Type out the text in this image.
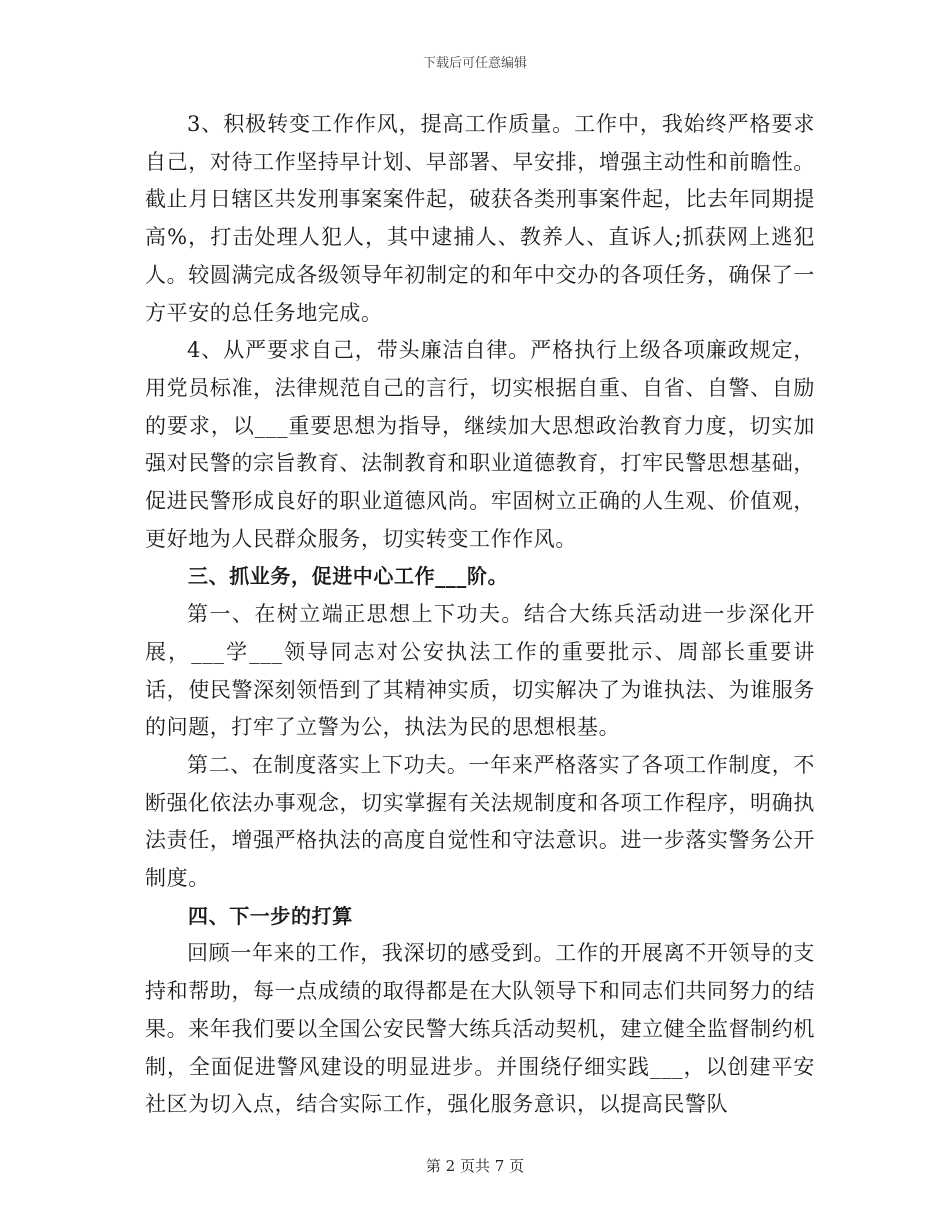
下载后可任意编辑

3、积极转变工作作风，提高工作质量。工作中，我始终严格要求自己，对待工作坚持早计划、早部署、早安排，增强主动性和前瞻性。截止月日辖区共发刑事案案件起，破获各类刑事案件起，比去年同期提高%，打击处理人犯人，其中逮捕人、教养人、直诉人;抓获网上逃犯人。较圆满完成各级领导年初制定的和年中交办的各项任务，确保了一方平安的总任务地完成。

4、从严要求自己，带头廉洁自律。严格执行上级各项廉政规定，用党员标准，法律规范自己的言行，切实根据自重、自省、自警、自励的要求，以___重要思想为指导，继续加大思想政治教育力度，切实加强对民警的宗旨教育、法制教育和职业道德教育，打牢民警思想基础，促进民警形成良好的职业道德风尚。牢固树立正确的人生观、价值观，更好地为人民群众服务，切实转变工作作风。

三、抓业务，促进中心工作___阶。

第一、在树立端正思想上下功夫。结合大练兵活动进一步深化开展，___学___领导同志对公安执法工作的重要批示、周部长重要讲话，使民警深刻领悟到了其精神实质，切实解决了为谁执法、为谁服务的问题，打牢了立警为公，执法为民的思想根基。

第二、在制度落实上下功夫。一年来严格落实了各项工作制度，不断强化依法办事观念，切实掌握有关法规制度和各项工作程序，明确执法责任，增强严格执法的高度自觉性和守法意识。进一步落实警务公开制度。

四、下一步的打算

回顾一年来的工作，我深切的感受到。工作的开展离不开领导的支持和帮助，每一点成绩的取得都是在大队领导下和同志们共同努力的结果。来年我们要以全国公安民警大练兵活动契机，建立健全监督制约机制，全面促进警风建设的明显进步。并围绕仔细实践___，以创建平安社区为切入点，结合实际工作，强化服务意识，以提高民警队

第 2 页共 7 页
